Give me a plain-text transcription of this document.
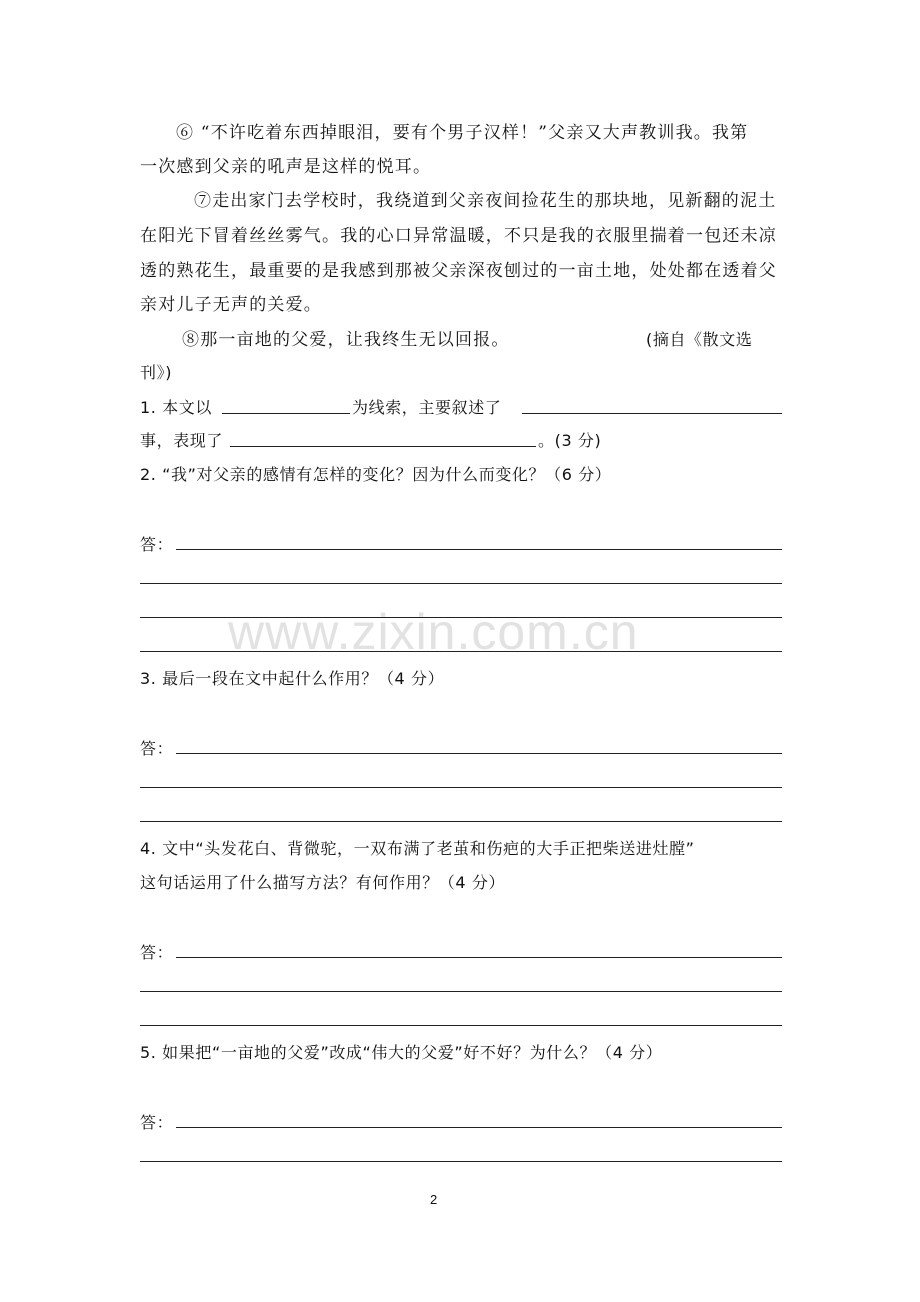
www.zixin.com.cn
⑥ “不许吃着东西掉眼泪，要有个男子汉样！”父亲又大声教训我。我第
一次感到父亲的吼声是这样的悦耳。
⑦走出家门去学校时，我绕道到父亲夜间捡花生的那块地，见新翻的泥土
在阳光下冒着丝丝雾气。我的心口异常温暖，不只是我的衣服里揣着一包还未凉
透的熟花生，最重要的是我感到那被父亲深夜刨过的一亩土地，处处都在透着父
亲对儿子无声的关爱。
⑧那一亩地的父爱，让我终生无以回报。	(摘自《散文选
刊》)
1. 本文以	为线索，主要叙述了
事，表现了	。(3 分)
2. “我”对父亲的感情有怎样的变化？因为什么而变化？（6 分）
答：
3. 最后一段在文中起什么作用？（4 分）
答：
4. 文中“头发花白、背微驼，一双布满了老茧和伤疤的大手正把柴送进灶膛”
这句话运用了什么描写方法？有何作用？（4 分）
答：
5. 如果把“一亩地的父爱”改成“伟大的父爱”好不好？为什么？（4 分）
答：
2
